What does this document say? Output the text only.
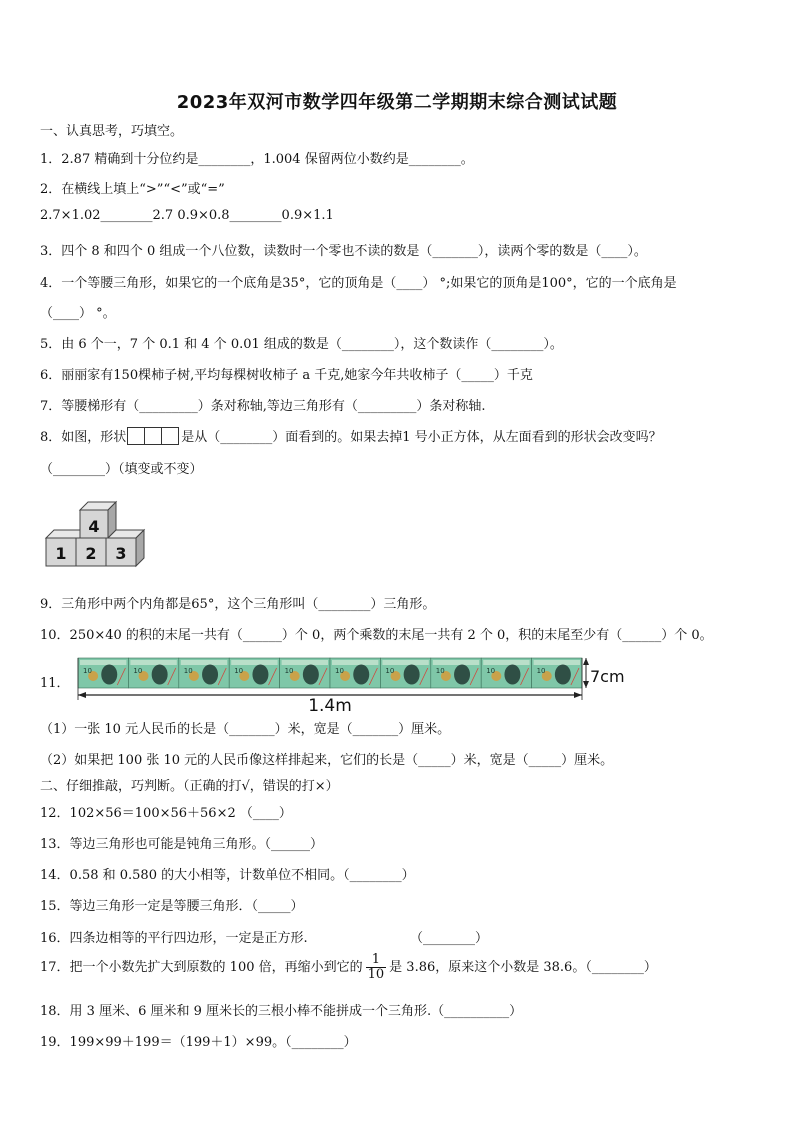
2023年双河市数学四年级第二学期期末综合测试试题
一、认真思考，巧填空。
1．2.87 精确到十分位约是________，1.004 保留两位小数约是________。
2．在横线上填上“>”“<”或“=”
2.7×1.02________2.7 0.9×0.8________0.9×1.1
3．四个 8 和四个 0 组成一个八位数，读数时一个零也不读的数是（_______），读两个零的数是（____）。
4．一个等腰三角形，如果它的一个底角是35°，它的顶角是（____） °;如果它的顶角是100°，它的一个底角是
（____） °。
5．由 6 个一，7 个 0.1 和 4 个 0.01 组成的数是（________），这个数读作（________）。
6．丽丽家有150棵柿子树,平均每棵树收柿子 a 千克,她家今年共收柿子（_____）千克
7．等腰梯形有（_________）条对称轴,等边三角形有（_________）条对称轴.
8．如图，形状	是从（________）面看到的。如果去掉1 号小正方体，从左面看到的形状会改变吗？
（________）（填变或不变）
4
1 2 3
9．三角形中两个内角都是65°，这个三角形叫（________）三角形。
10．250×40 的积的末尾一共有（______）个 0，两个乘数的末尾一共有 2 个 0，积的末尾至少有（______）个 0。
11．
10	10	10	10	10	10	10	10	10	10
1.4m
7cm
（1）一张 10 元人民币的长是（_______）米，宽是（_______）厘米。
（2）如果把 100 张 10 元的人民币像这样排起来，它们的长是（_____）米，宽是（_____）厘米。
二、仔细推敲，巧判断。（正确的打√，错误的打×）
12．102×56＝100×56＋56×2 （____）
13．等边三角形也可能是钝角三角形。（______）
14．0.58 和 0.580 的大小相等，计数单位不相同。（________）
15．等边三角形一定是等腰三角形．（_____）
16．四条边相等的平行四边形，一定是正方形.	（________）
17．把一个小数先扩大到原数的 100 倍，再缩小到它的 $\frac{1}{10}$ 是 3.86，原来这个小数是 38.6。（________）
18．用 3 厘米、6 厘米和 9 厘米长的三根小棒不能拼成一个三角形.（__________）
19．199×99＋199＝（199＋1）×99。（________）
